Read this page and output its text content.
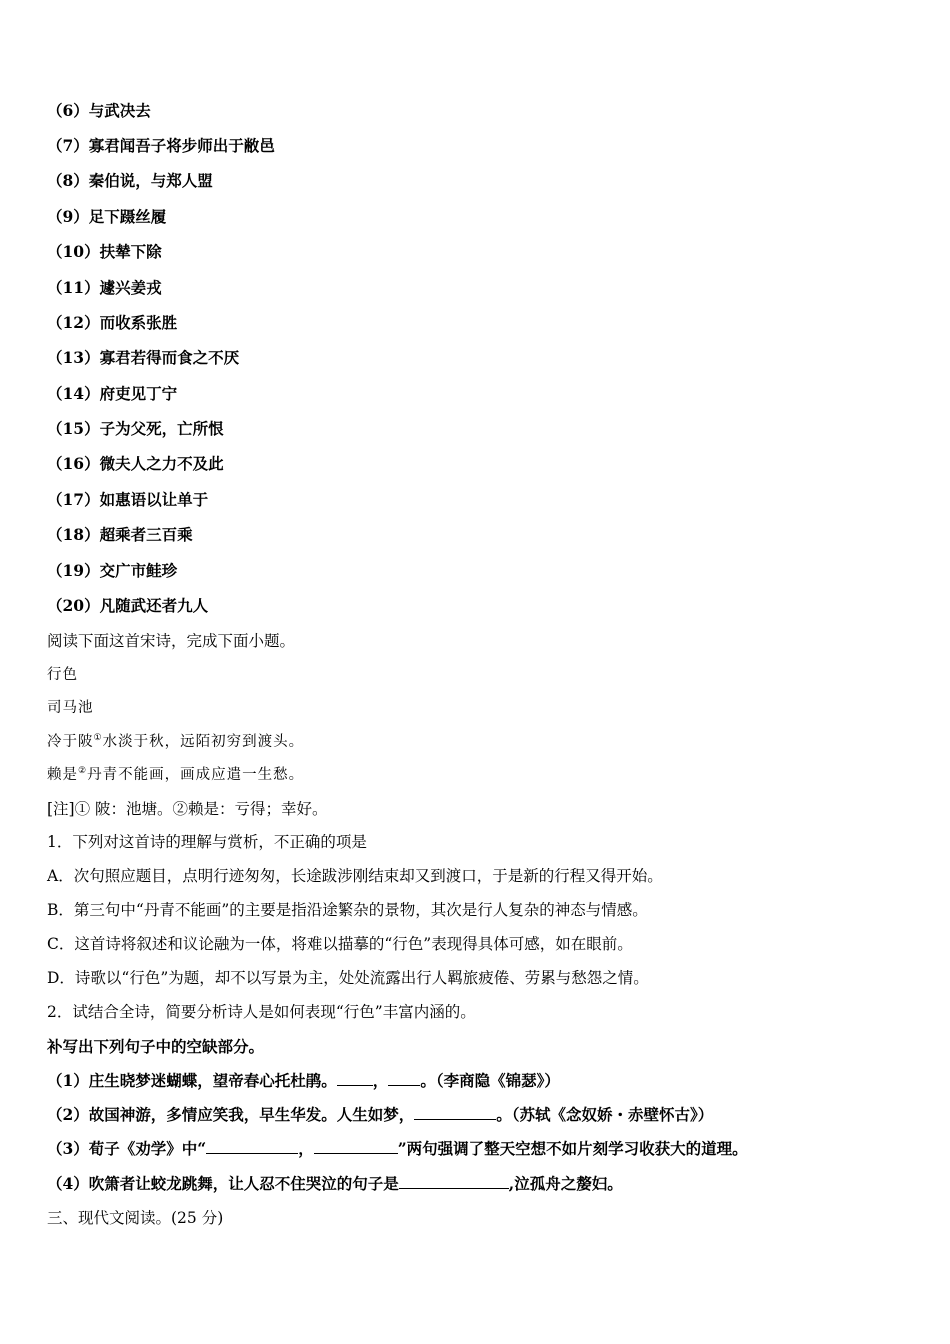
（6）与武决去
（7）寡君闻吾子将步师出于敝邑
（8）秦伯说，与郑人盟
（9）足下蹑丝履
（10）扶辇下除
（11）遽兴姜戎
（12）而收系张胜
（13）寡君若得而食之不厌
（14）府吏见丁宁
（15）子为父死，亡所恨
（16）微夫人之力不及此
（17）如惠语以让单于
（18）超乘者三百乘
（19）交广市鲑珍
（20）凡随武还者九人
阅读下面这首宋诗，完成下面小题。
行色
司马池
冷于陂①水淡于秋，远陌初穷到渡头。
赖是②丹青不能画，画成应遣一生愁。
[注]① 陂：池塘。②赖是：亏得；幸好。
1．下列对这首诗的理解与赏析，不正确的项是
A．次句照应题目，点明行迹匆匆，长途跋涉刚结束却又到渡口，于是新的行程又得开始。
B．第三句中“丹青不能画”的主要是指沿途繁杂的景物，其次是行人复杂的神态与情感。
C．这首诗将叙述和议论融为一体，将难以描摹的“行色”表现得具体可感，如在眼前。
D．诗歌以“行色”为题，却不以写景为主，处处流露出行人羁旅疲倦、劳累与愁怨之情。
2．试结合全诗，简要分析诗人是如何表现“行色”丰富内涵的。
补写出下列句子中的空缺部分。
（1）庄生晓梦迷蝴蝶，望帝春心托杜鹃。 ， 。（李商隐《锦瑟》）
（2）故国神游，多情应笑我，早生华发。人生如梦，	。（苏轼《念奴娇・赤壁怀古》）
（3）荀子《劝学》中“	，	”两句强调了整天空想不如片刻学习收获大的道理。
（4）吹箫者让蛟龙跳舞，让人忍不住哭泣的句子是	,泣孤舟之嫠妇。
三、现代文阅读。(25 分)
